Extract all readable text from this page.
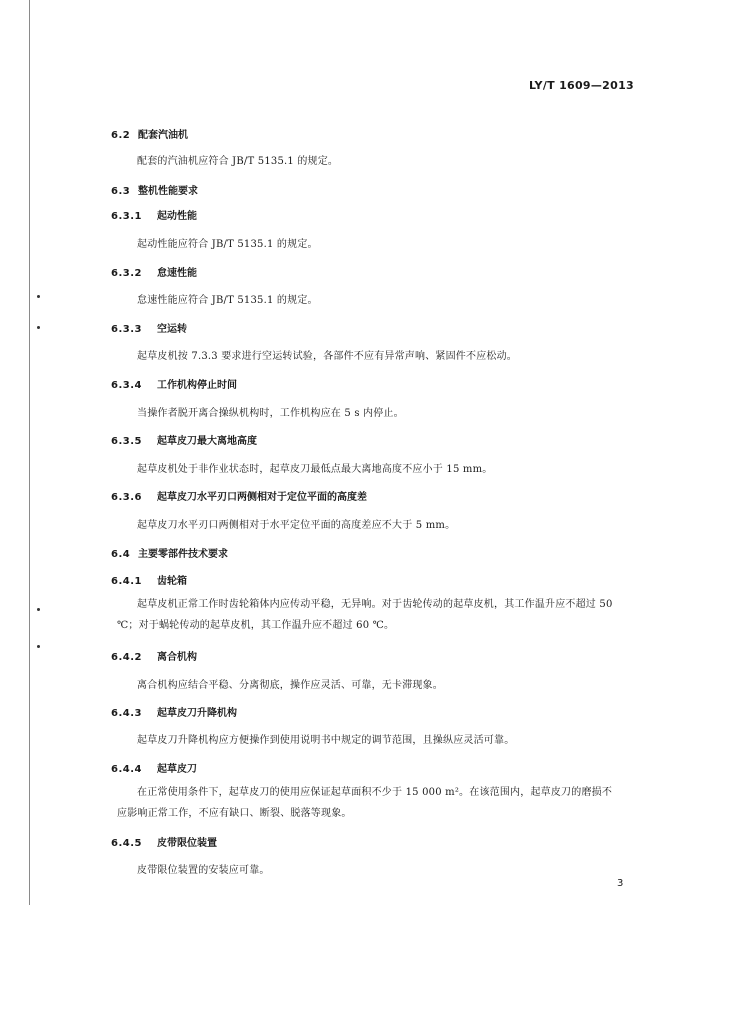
LY/T 1609—2013
6.2 配套汽油机
配套的汽油机应符合 JB/T 5135.1 的规定。
6.3 整机性能要求
6.3.1 起动性能
起动性能应符合 JB/T 5135.1 的规定。
6.3.2 怠速性能
怠速性能应符合 JB/T 5135.1 的规定。
6.3.3 空运转
起草皮机按 7.3.3 要求进行空运转试验，各部件不应有异常声响、紧固件不应松动。
6.3.4 工作机构停止时间
当操作者脱开离合操纵机构时，工作机构应在 5 s 内停止。
6.3.5 起草皮刀最大离地高度
起草皮机处于非作业状态时，起草皮刀最低点最大离地高度不应小于 15 mm。
6.3.6 起草皮刀水平刃口两侧相对于定位平面的高度差
起草皮刀水平刃口两侧相对于水平定位平面的高度差应不大于 5 mm。
6.4 主要零部件技术要求
6.4.1 齿轮箱
起草皮机正常工作时齿轮箱体内应传动平稳，无异响。对于齿轮传动的起草皮机，其工作温升应不超过 50 ℃；对于蜗轮传动的起草皮机，其工作温升应不超过 60 ℃。
6.4.2 离合机构
离合机构应结合平稳、分离彻底，操作应灵活、可靠，无卡滞现象。
6.4.3 起草皮刀升降机构
起草皮刀升降机构应方便操作到使用说明书中规定的调节范围，且操纵应灵活可靠。
6.4.4 起草皮刀
在正常使用条件下，起草皮刀的使用应保证起草面积不少于 15 000 m²。在该范围内，起草皮刀的磨损不应影响正常工作，不应有缺口、断裂、脱落等现象。
6.4.5 皮带限位装置
皮带限位装置的安装应可靠。
3
